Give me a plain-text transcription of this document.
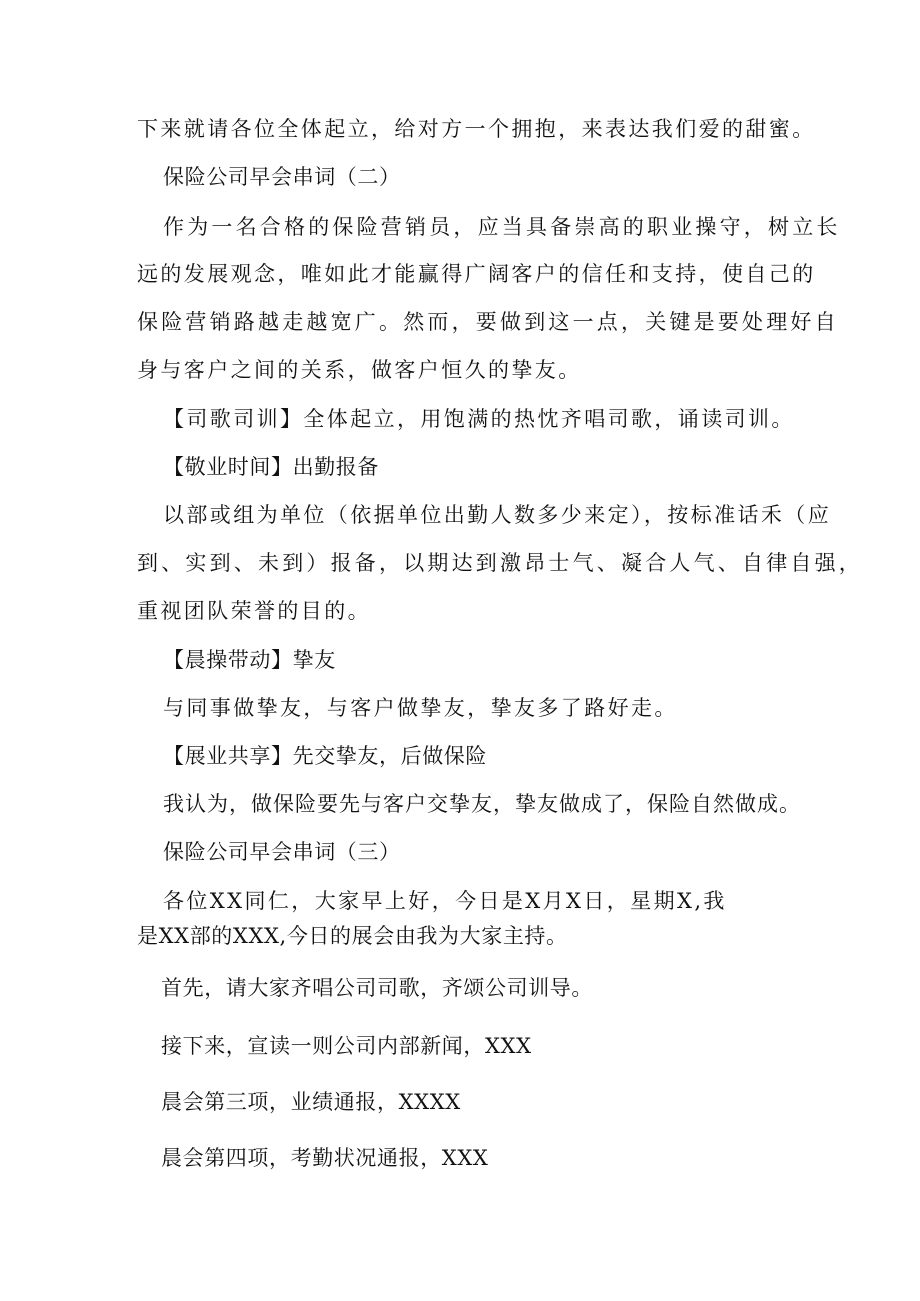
下来就请各位全体起立，给对方一个拥抱，来表达我们爱的甜蜜。
保险公司早会串词（二）
作为一名合格的保险营销员，应当具备崇高的职业操守，树立长
远的发展观念，唯如此才能赢得广阔客户的信任和支持，使自己的
保险营销路越走越宽广。然而，要做到这一点，关键是要处理好自
身与客户之间的关系，做客户恒久的挚友。
【司歌司训】全体起立，用饱满的热忱齐唱司歌，诵读司训。
【敬业时间】出勤报备
以部或组为单位（依据单位出勤人数多少来定），按标准话禾（应
到、实到、未到）报备，以期达到激昂士气、凝合人气、自律自强，
重视团队荣誉的目的。
【晨操带动】挚友
与同事做挚友，与客户做挚友，挚友多了路好走。
【展业共享】先交挚友，后做保险
我认为，做保险要先与客户交挚友，挚友做成了，保险自然做成。
保险公司早会串词（三）
各位XX同仁，大家早上好，今日是X月X日，星期X,我
是XX部的XXX,今日的展会由我为大家主持。
首先，请大家齐唱公司司歌，齐颂公司训导。
接下来，宣读一则公司内部新闻，XXX
晨会第三项，业绩通报，XXXX
晨会第四项，考勤状况通报，XXX
